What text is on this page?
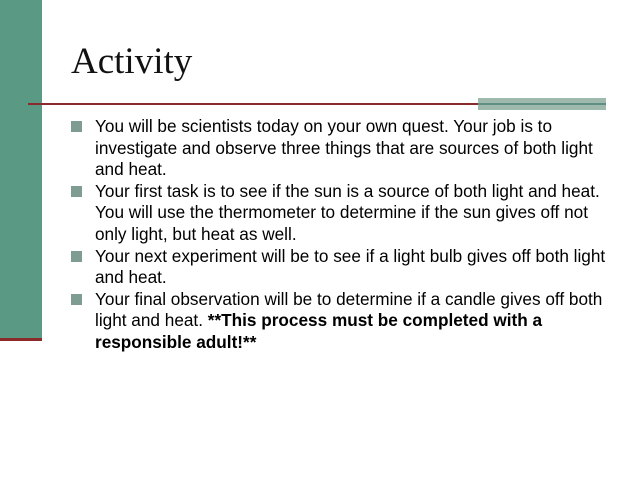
Activity
You will be scientists today on your own quest. Your job is to investigate and observe three things that are sources of both light and heat.
Your first task is to see if the sun is a source of both light and heat. You will use the thermometer to determine if the sun gives off not only light, but heat as well.
Your next experiment will be to see if a light bulb gives off both light and heat.
Your final observation will be to determine if a candle gives off both light and heat. **This process must be completed with a responsible adult!**
